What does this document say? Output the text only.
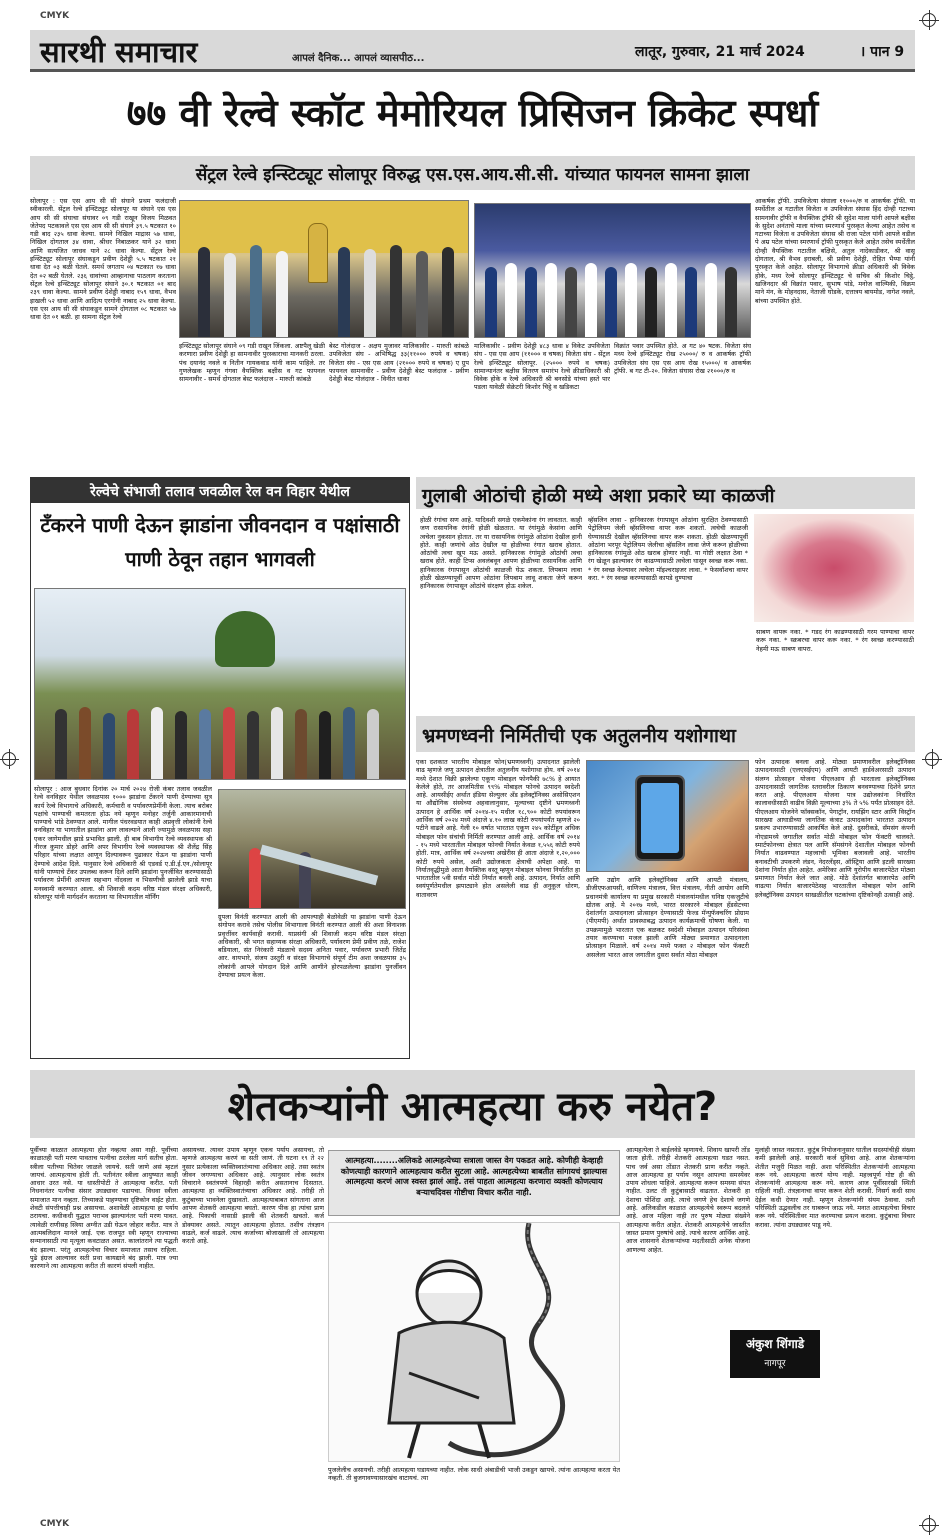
CMYK
CMYK
सारथी समाचार	आपलं दैनिक... आपलं व्यासपीठ...	लातूर, गुरुवार, 21 मार्च 2024	। पान 9
७७ वी रेल्वे स्कॉट मेमोरियल प्रिसिजन क्रिकेट स्पर्धा
सेंट्रल रेल्वे इन्स्टिट्यूट सोलापूर विरुद्ध एस.एस.आय.सी.सी. यांच्यात फायनल सामना झाला
सोलापूर : एस एस आय सी सी संघाने प्रथम फलंदाजी स्वीकारली. सेंट्रल रेल्वे इन्स्टिट्यूट सोलापूर या संघाने एस एस आय सी सी संघाचा संघावर ०९ गडी राखून विजय मिळवत जेतेपद पटकावले एस एस आय सी सी संघाने ३९.५ षटकात १० गडी बाद २३५ धावा केल्या. सामने निखिल माद्रास ५७ धावा, निखिल दोगताल ३४ धावा, श्रीधर निबाळकर याने ३२ धावा आणि सत्यजित जाधव याने २८ धावा केल्या. सेंट्रल रेल्वे इन्स्टिट्यूट सोलापूर संघाकडून प्रवीण देशेड्डी ५.५ षटकात २१ धावा देत ०३ बळी घेतले. समर्थ जगताप ०४ षटकात १७ धावा देत ०२ बळी घेतले. २३६ धावांच्या आव्हानाचा पाठलाग करताना सेंट्रल रेल्वे इन्स्टिट्यूट सोलापूर संघाने ३०.१ षटकात ०१ बाद २३९ धावा केल्या. सामने प्रवीण देशेड्डी नाबाद १५९ धावा, वैभव इाखली ५२ धावा आणि आदित्य एरगोनी नाबाद २५ धावा केल्या. एस एस आय सी सी संघाकडून सामने दोगताल ०८ षटकात ५७ धावा देत ०१ बळी. हा सामना सेंट्रल रेल्वे
इन्स्टिट्यूट सोलापूर संघाने ०९ गडी राखून जिंकला. अष्टपैलू खेळी करणारा प्रवीण देशेड्डी हा सामनावीर पुरस्काराचा मानकरी ठरला. पंच दयानंद नवले व नितीन गायकवाड यांनी काम पाहिले. तर गुणलेखक म्हणून गंगवा वैयक्तिक बक्षीस व गट फायनल सामनावीर - समर्थ दोगताल बेस्ट फलंदाज - मारुती कांबळे
बेस्ट गोलंदाज - अक्षय मुजावर मालिकावीर - मारुती कांबळे उपविजेता संघ - अभिषिद्ध ३३(११००० रुपये व चषक) विजेता संघ - एस एस आय (२१००० रुपये व चषक) ए ग्रुप फायनल सामनावीर - प्रवीण देशेड्डी बेस्ट फलंदाज - प्रवीण देशेड्डी बेस्ट गोलंदाज - विनीत धाका
मालिकावीर - प्रवीण देशेड्डी ४८३ धावा ४ विकेट उपविजेता संघ - एस एस आय (११००० व चषक) विजेता संघ - सेंट्रल रेल्वे इन्स्टिट्यूट सोलापूर. (२५००० रुपये व चषक) सामान्यानंतर बक्षीस वितरण समारंभ रेल्वे क्रीडाधिकारी श्री विवेक होके व रेल्वे अधिकारी श्री बनसोडे यांच्या हस्ते पार पडला यावेळी सेक्रेटरी किशोर चिट्ठे व खडिकटा
विक्रांत पवार उपस्थित होते. अ गट ४० षटक. विजेता संघ मध्य रेल्वे इन्स्टिट्यूट रोख २५०००/ रु व आकर्षक ट्रॉफी उपविजेता संघ एस एस आय रोख १५०००/ व आकर्षक ट्रॉफी. ब गट टी-२०. विजेता संघास रोख २१०००/रु व
आकर्षक ट्रॉफी. उपविजेत्या संघाला ११०००/रु व आकर्षक ट्रॉफी. या स्पर्धेतील अ गटातील विजेता व उपविजेता संघास हिंद दोन्ही गटाच्या सामनावीर ट्रॉफी व वैयक्तिक ट्रॉफी श्री सुदेश माला यांनी आपले बक्षीस के सुदेश अनंताचे माला यांच्या स्मरणार्थ पुरस्कृत केल्या आहेत तसेच व गटाच्या विजेता व उपविजेता संघास श्री राजा पटेल यांनी आपले वडील पे अम्र पटेल यांच्या स्मरणार्थ ट्रॉफी पुरस्कृत केले आहेत तसेच स्पर्धेतील दोन्ही वैयक्तिक गटातील बक्षिसे, अतुल नादेकाडीकर, श्री वासू दोगताल, श्री वैभव इराबली, श्री प्रवीण देशेड्डी, रोहित भैय्या यांनी पुरस्कृत केले आहेत. सोलापूर विभागाचे क्रीडा अधिकारी श्री विवेक होके, मध्य रेल्वे सोलापूर इन्स्टिट्यूट चे सचिव श्री किशोर चिट्ठे, खजिनदार श्री विक्रांत पवार, सुभाष पांडे, मनोज वाल्मिकी, विक्रम माने मंन, के मोहनदास, नेताजी घोडके, दत्तात्रय बायमोड, नागेश नवले, बांच्या उपस्थित होते.
रेल्वेचे संभाजी तलाव जवळील रेल वन विहार येथील
टँकरने पाणी देऊन झाडांना जीवनदान व पक्षांसाठी पाणी ठेवून तहान भागवली
सोलापूर : आज बुधवार दिनांक २० मार्च २०२४ रोजी कंबर तलाव जवळील रेल्वे वनविहार येथील जवळपास १००० झाडांना टँकरने पाणी देण्याच्या सुत्र कार्य रेल्वे विभागाचे अधिकारी, कर्मचारी व पर्यावरणप्रेमींनी केला. त्याच बरोबर पक्षांचे पाण्याची कमतरता होऊ नये म्हणून मनोहर तर्जुनी आकारमानाची पाण्याचे भांडे ठेवण्यात आले. मागील पंधरवडयात काही अप्रवृत्ती लोकांनी रेल्वे वनविहार या भागातील झाडांना आग लावल्याने आली ज्यामुळे जवळपास सहा एकर जागेमधील झाडे प्रभावित झाली. ही बाब विभागीय रेल्वे व्यवस्थापक श्री नीरज कुमार डोहरे आणि अपर विभागीय रेल्वे व्यवस्थापक श्री शैलेंद्र सिंह परिहार यांच्या लक्षात आणून दिल्यावरून पुढाकार घेऊन या झाडांना पाणी देण्याचे आदेश दिले. यानुसार रेल्वे अधिकारी श्री एडवर्ड ए.डी.ई.एन./सोलापूर यांनी पाण्याचे टँकर उपलब्ध करून दिले आणि झाडांना पुनर्जीवित करण्यासाठी पर्यावरण प्रेमींनी आपला सहभाग नोंदवला व भिसणीची झालेली झाडे याचा मनस्वामी करण्यात आला. श्री शिवाजी कदम वरिष्ठ मंडल संरक्षा अधिकारी, सोलापूर यांनी मार्गदर्शन करताना या विभागातील मॉर्निंग
ग्रुपला विनंती करण्यात आली की आपल्याही बेळोवेळी या झाडांना पाणी देऊन संगोपन करावे तसेच पोलीस विभागाला विनंती करण्यात आली की अशा विनाशक प्रवृत्तींवर कार्यवाही करावी. याप्रसंगी श्री शिवाजी कदम वरिष्ठ मंडल संरक्षा अधिकारी, श्री भगत सहाय्यक संरक्षा अधिकारी, पर्यावरण प्रेमी प्रवीण तळे, राजेश बडियाला, संत निरंकारी मंडळाचे सदस्य अनिता पवार, पर्यावरण प्रभारी जितेंद्र आर. वायभारे, संजय उस्तुरी व संरक्षा विभागाचे संपूर्ण टीम अशा जवळपास ३५ लोकांनी आपले योगदान दिले आणि आणीने होरपळलेल्या झाडांना पुनर्जीवन देण्याचा प्रयत्न केला.
गुलाबी ओठांची होळी मध्ये अशा प्रकारे घ्या काळजी
होळी रंगांचा सण आहे. यादिवशी सगळे एकमेकांना रंग लावतात. काही जण रासायनिक रंगांनी होळी खेळतात. या रंगांमुळे केसांना आणि त्वचेला नुकसान होतात. तर या रासायनिक रंगांमुळे ओठांना देखील हानी होते. काही जणांचे ओठ देखील या होळीच्या रंगात खराब होतात. ओठांची त्वचा खूप मऊ असते. हानिकारक रंगांमुळे ओठांची त्वचा खराब होते. काही टिप्स अवलंबवून आपण होळीच्या रासायनिक आणि हानिकारक रंगापासून ओठांची काळजी घेऊ शकता. लिपबाम लावा होळी खेळण्यापूर्वी आपण ओठांना लिपबाम लावू शकता जेणे करून हानिकारक रंगापासून ओठांचे संरक्षण होऊ शकेल.
व्हॅसलिन लावा - हानिकारक रंगापासून ओठांना सुरक्षित ठेवण्यासाठी पेट्रोलियम जेली व्हॅसलिनचा वापर करू शकतो. त्वचेची काळजी घेण्यासाठी देखील व्हॅसलिनचा वापर करू शकता. होळी खेळण्यापूर्वी ओठांना भरपूर पेट्रोलियम जेलीचा व्हॅसलिन लावा जेणे करून होळीच्या हानिकारक रंगांमुळे ओठ खराब होणार नाही. या गोष्टी लक्षात ठेवा * रंग खेळून झाल्यावर रंग काढण्यासाठी त्वचेला घासून स्वच्छ करू नका. * रंग स्वच्छ केल्यावर त्वचेला मॉइश्चराइजर लावा. * फेसवॉशचा वापर करा. * रंग स्वच्छ करण्यासाठी कापडे धुण्याचा
साबण वापरू नका. * गडद रंग काढण्यासाठी गरम पाण्याचा वापर करू नका. * स्क्रबरचा वापर करू नका. * रंग स्वच्छ करण्यासाठी नेहमी मऊ साबण वापरा.
भ्रमणध्वनी निर्मितीची एक अतुलनीय यशोगाथा
एका दशकात भारतीय मोबाइल फोन(भ्रमणध्वनी) उत्पादनात झालेली वाढ म्हणजे जणू उत्पादन क्षेत्रातील अतुलनीय यशोगाथा होय. वर्ष २०१४ मध्ये देशात विक्री झालेल्या एकूण मोबाइल फोनपैकी ७८% हे आयात केलेले होते, तर आजमितीस ९९% मोबाइल फोनचे उत्पादन स्वदेशी आहे. आयसीईए अर्थात इंडिया सेल्युलर अँड इलेक्ट्रॉनिक्स असोसिएशन या औद्योगिक संस्थेच्या अहवालानुसार, मूल्याच्या दृष्टीने भ्रमणध्वनी उत्पादन हे आर्थिक वर्ष २०१४-१५ मधील १८,९०० कोटी रुपयांवरून आर्थिक वर्ष २०२४ मध्ये अंदाजे ४.१० लाख कोटी रुपयांपर्यंत म्हणजे २० पटीने वाढले आहे. गेली १० वर्षात भारतात एकूण २४५ कोटींहून अधिक मोबाइल फोन संचांची निर्मिती करण्यात आली आहे. आर्थिक वर्ष २०१४ - १५ मध्ये भारतातील मोबाइल फोनची निर्यात केवळ १,५५६ कोटी रुपये होती. मात्र, आर्थिक वर्ष २०२४च्या अखेरीस ही आता अंदाजे १,२०,००० कोटी रुपये असेल, अशी उद्योजकता क्षेत्राची अपेक्षा आहे. या निर्यातवृद्धीमुळे आता वैयक्तिक वस्तू म्हणून मोबाइल फोनचा निर्यातीत हा भारतातील ५वी सर्वात मोठी निर्यात बनली आहे. उत्पादन, निर्यात आणि स्वयंपूर्णतेमधील झपाट्याने होत असलेली वाढ ही अनुकूल धोरण, वातावरण
आणि उद्योग आणि इलेक्ट्रॉनिक्स आणि आयटी मंत्रालय, डीजीएफआयसी, वाणिज्य मंत्रालय, वित्त मंत्रालय, नीती आयोग आणि प्रधानमंत्री कार्यालय या प्रमुख सरकारी मंत्रालयांमधील घनिष्ठ एकजुटीचे द्योतक आहे. मे २०१७ मध्ये, भारत सरकारने मोबाइल हँडसेटच्या देशांतर्गत उत्पादनाला प्रोत्साहन देण्यासाठी फेज्ड मॅन्युफॅक्चरिंग प्रोग्राम (पीएमपी) अर्थात प्रावस्थाबद्ध उत्पादन कार्यक्रमाची घोषणा केली. या उपक्रमामुळे भारतात एक बळकट स्वदेशी मोबाइल उत्पादन परिसंस्था तयार करण्याचा मजल झाली आणि मोठ्या प्रमाणात उत्पादनाला प्रोत्साहन मिळाले. वर्ष २०१४ मध्ये फक्त २ मोबाइल फोन फॅक्टरी असलेला भारत आज जगातील दुसरा सर्वात मोठा मोबाइल
फोन उत्पादक बनला आहे. मोठ्या प्रमाणावरील इलेक्ट्रॉनिक्स उत्पादनासाठी (एलएसईएम) आणि आयटी हार्डवेअरसाठी उत्पादन संलग्न प्रोत्साहन योजना पीएलआय ही भारताला इलेक्ट्रॉनिक्स उत्पादनासाठी जागतिक स्तरावरील ठिकाण बनवण्याच्या दिशेने प्रगत करत आहे. पीएलआय योजना पात्र उद्योजकांना निर्धारित कालावधीसाठी वाढीव विक्री मूल्याच्या ३% ते ५% पर्यंत प्रोत्साहन देते. पीएलआय योजनेने फॉक्सकॉन, पेगाट्रॉन, रायझिंग स्टार आणि विस्ट्रॉन सारख्या आघाडीच्या जागतिक कंत्राट उत्पादकांना भारतात उत्पादन प्रकल्प उभारण्यासाठी आकर्षित केले आहे. दुसरीकडे, सॅमसंग कंपनी नोएडामध्ये जगातील सर्वात मोठी मोबाइल फोन फॅक्टरी चालवते. स्मार्टफोनच्या क्षेत्रात पल आणि सॅमसंगने देशातील मोबाइल फोनची निर्यात वाढवण्यात महत्त्वाची भूमिका बजावली आहे. भारतीय बनावटीची उपकरणे लंडन, नेदरलँड्स, ऑस्ट्रिया आणि इटली सारख्या देशांना निर्यात होत आहेत. अमेरिका आणि युरोपीय बाजारपेठेत मोठ्या प्रमाणात निर्यात केले जात आहे. मोठे देशांतर्गत बाजारपेठ आणि वाढत्या निर्यात बाजारपेठेसह भारतातील मोबाइल फोन आणि इलेक्ट्रॉनिक्स उत्पादन साखळीतील घटकांच्या दृष्टिकोनही उत्साही आहे.
शेतकऱ्यांनी आत्महत्या करु नयेत?
पूर्वीच्या काळात आत्महत्या होत नव्हत्या असा नाही. पूर्वीच्या काळातही पती मरण पावताच पत्नीचा ठरलेला मार्ग सतीच होता. स्त्रीला पतीच्या चितेवर जाळले जायचे. सती जाणे असं म्हटलं जायचं. आत्महत्याच होती ती. पतीनंतर स्त्रीला आयुष्यात काही आधार उरत नसे. या धास्तीपोटी ते आत्महत्या करीत. पती निधनानंतर पत्नीचा संसार उघड्यावर पडायचा. विधवा स्त्रीला समाजात मान नव्हता. तिच्याकडे पाहण्याचा दृष्टिकोन वाईट होता. शेवटी संपत्तीचाही प्रश्न असायचा. अशावेळी आत्महत्या हा पर्याय ठरायचा. कधीकधी युद्धात पराभव झाल्यानंतर पती मरण पावत. त्यावेळी राणीसह स्त्रिया अग्नीत उडी घेऊन जोहार करीत. मात्र ते आत्मबलिदान मानले जाई. एक राजपूत स्त्री म्हणून राज्याच्या सन्मानासाठी त्या मृत्यूला कवटाळत असत. कालांतराने त्या पद्धती बंद झाल्या. परंतु आत्महत्येचा विचार समाजात तसाच राहिला. पुढे इंग्रज आल्यावर सती प्रथा कायद्याने बंद झाली. मात्र ज्या कारणाने त्या आत्महत्या करीत ती कारणं संपली नाहीत.
असायच्या. त्यावर उपाय म्हणून एकच पर्याय असायचा, तो म्हणजे आत्महत्या करणं वा सती जाणं. ती घटना १९ ते २२ नुसार प्रत्येकाला व्यक्तिस्वातंत्र्याचा अधिकार आहे. तसा स्वतंत्र जीवन जगण्याचा अधिकार आहे. त्यानुसार लोक स्वतंत्र विचाराने स्वतंत्रपणे विहारही करीत असतानाच दिसतात. आत्महत्या हा व्यक्तिस्वातंत्र्याचा अधिकार आहे. तरीही तो कुटुंबाच्या भावनेला दुखावतो. आत्महत्याबाबत सांगताना आज आपण शेतकरी आत्महत्या बघतो. कारण पीक हा त्यांचा प्राण आहे. पिकाची नासाडी झाली की शेतकरी खचतो. कर्ज डोक्यावर असते. त्यातून आत्महत्या होतात. तशीच तंत्रज्ञान वाढले, कर्ज वाढले. त्याच कर्जाच्या बोजाखाली तो आत्महत्या करतो आहे.
आत्महत्या........अलिकडे आत्महत्येच्या सत्राला जास्त वेग पकडत आहे. कोणीही केव्हाही कोणत्याही कारणाने आत्महत्याय करीत सुटला आहे. आत्महत्येच्या बाबतीत सांगायचं झाल्यास आत्महत्या करणं आज स्वस्त झालं आहे. तसं पाहता आत्महत्या करणारा व्यक्ती कोणत्याय बऱ्याचदिवस गोष्टीचा विचार करीत नाही.
अंकुश शिंगाडे
नागपूर
पुजलेलीच असायची. तरीही आत्महत्या घडायच्या नाहीत. लोक साधी अंबाडीची भाजी उकडून खायचे. त्यांना आत्महत्या करता येत नव्हती. ती बुजगावण्यासारखंच वाटायचं. त्या
आत्महत्येला ते बाईलवेडे म्हणायचे. शिवाय खापरी तोंड जाता होती. तरीही शेतकरी आत्महत्या घडत नसत. पाच जर्व असा तोंडात शेतकरी प्राण करीत नव्हते. आज आत्महत्या हा पर्याय नसून आपल्या समस्येवर उपाय शोधला पाहिजे. आत्महत्या करून समस्या संपत नाहीत. उलट ती कुटुंबासाठी वाढतात. शेतकरी हा देशाचा पोशिंदा आहे. त्याचे जगणे हेच देशाचे जगणे आहे. अलिकडील काळात आत्महत्येचे स्वरूप बदलले आहे. आज महिला नाही तर पुरुष मोठ्या संख्येने आत्महत्या करीत आहेत. शेतकरी आत्महत्येचे जास्तीत जास्त प्रमाण पुरुषांचे आहे. त्याचे कारण आर्थिक आहे. आज शासनाने शेतकऱ्यांच्या मदतीसाठी अनेक योजना आणल्या आहेत.
मुलांही जास्त नसतात. कुटुंब नियोजनानुसार घातील सदस्यांचीही संख्या कमी झालेली आहे. सरकारी कर्ज सुविधा आहे. आज शेतकऱ्यांना शेतीत मजुरी मिळत नाही. अशा परिस्थितीत शेतकऱ्यांनी आत्महत्या करू नये. आत्महत्या करणं योग्य नाही. महत्त्वपूर्ण गोष्ट ही की शेतकऱ्यांनी आत्महत्या करू नये. कारण आज पूर्वीसारखी स्थिती राहिली नाही. तंत्रज्ञानाचा वापर करून शेती करावी. निसर्ग कधी साथ देईल कधी देणार नाही. म्हणून शेतकऱ्यांनी संयम ठेवावा. तशी परिस्थिती उद्भवलीच तर घाबरून जाऊ नये. मनात आत्महत्येचा विचार करू नये. परिस्थितीवर मात करण्याचा प्रयत्न करावा. कुटुंबाचा विचार करावा. त्यांना उघड्यावर पाडू नये.
